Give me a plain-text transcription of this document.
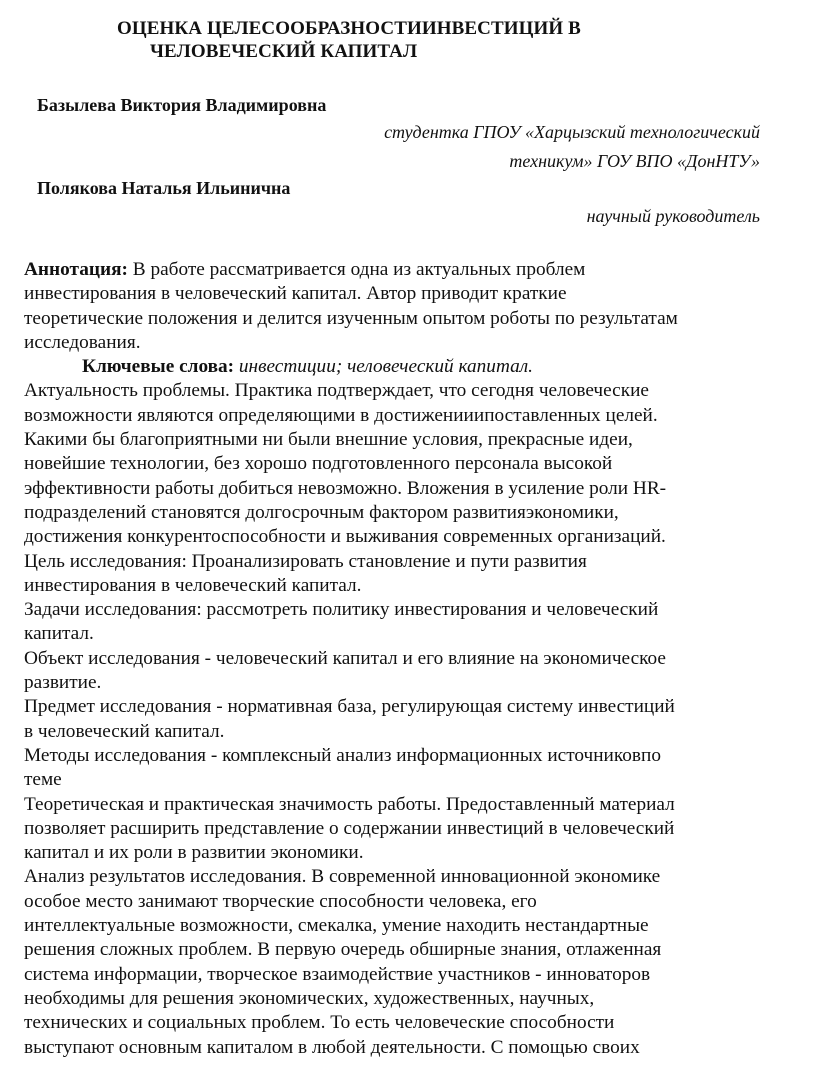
ОЦЕНКА ЦЕЛЕСООБРАЗНОСТИИНВЕСТИЦИЙ В
ЧЕЛОВЕЧЕСКИЙ КАПИТАЛ
Базылева Виктория Владимировна
студентка ГПОУ «Харцызский технологический
техникум» ГОУ ВПО «ДонНТУ»
Полякова Наталья Ильинична
научный руководитель
Аннотация: В работе рассматривается одна из актуальных проблем
инвестирования в человеческий капитал. Автор приводит краткие
теоретические положения и делится изученным опытом роботы по результатам
исследования.
Ключевые слова: инвестиции; человеческий капитал.
Актуальность проблемы. Практика подтверждает, что сегодня человеческие
возможности являются определяющими в достиженииипоставленных целей.
Какими бы благоприятными ни были внешние условия, прекрасные идеи,
новейшие технологии, без хорошо подготовленного персонала высокой
эффективности работы добиться невозможно. Вложения в усиление роли HR-
подразделений становятся долгосрочным фактором развитияэкономики,
достижения конкурентоспособности и выживания современных организаций.
Цель исследования: Проанализировать становление и пути развития
инвестирования в человеческий капитал.
Задачи исследования: рассмотреть политику инвестирования и человеческий
капитал.
Объект исследования - человеческий капитал и его влияние на экономическое
развитие.
Предмет исследования - нормативная база, регулирующая систему инвестиций
в человеческий капитал.
Методы исследования - комплексный анализ информационных источниковпо
теме
Теоретическая и практическая значимость работы. Предоставленный материал
позволяет расширить представление о содержании инвестиций в человеческий
капитал и их роли в развитии экономики.
Анализ результатов исследования. В современной инновационной экономике
особое место занимают творческие способности человека, его
интеллектуальные возможности, смекалка, умение находить нестандартные
решения сложных проблем. В первую очередь обширные знания, отлаженная
система информации, творческое взаимодействие участников - инноваторов
необходимы для решения экономических, художественных, научных,
технических и социальных проблем. То есть человеческие способности
выступают основным капиталом в любой деятельности. С помощью своих
